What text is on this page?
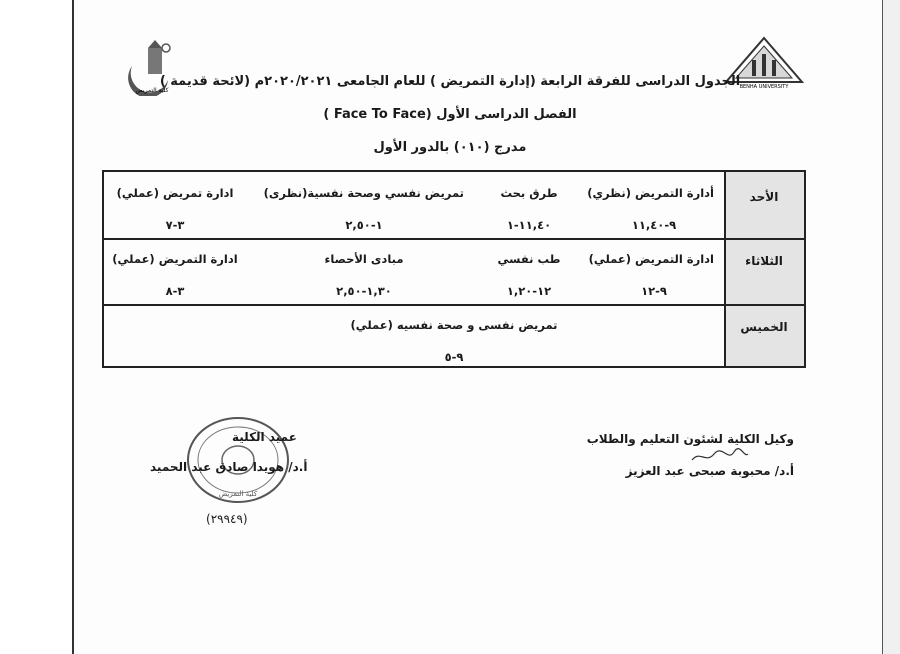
BENHA UNIVERSITY
كلية التمريض
الجدول الدراسى للفرقة الرابعة (إدارة التمريض ) للعام الجامعى ٢٠٢٠/٢٠٢١م (لائحة قديمة )
الفصل الدراسى الأول (Face To Face )
مدرج (٠١٠) بالدور الأول
الأحد
أدارة التمريض (نظري)
٩-١١,٤٠
طرق بحث
١١,٤٠-١
تمريض نفسي وصحة نفسية(نظرى)
١-٢,٥٠
ادارة تمريض (عملي)
٣-٧
الثلاثاء
ادارة التمريض (عملي)
٩-١٢
طب نفسي
١٢-١,٢٠
مبادى الأحصاء
١,٣٠-٢,٥٠
ادارة التمريض (عملي)
٣-٨
الخميس
تمريض نفسى و صحة نفسيه (عملي)
٩-٥
وكيل الكلية لشئون التعليم والطلاب
أ.د/ محبوبة صبحى عبد العزيز
كلية التمريض
عميد الكلية
أ.د/ هويدا صادق عبد الحميد
(٢٩٩٤٩)
